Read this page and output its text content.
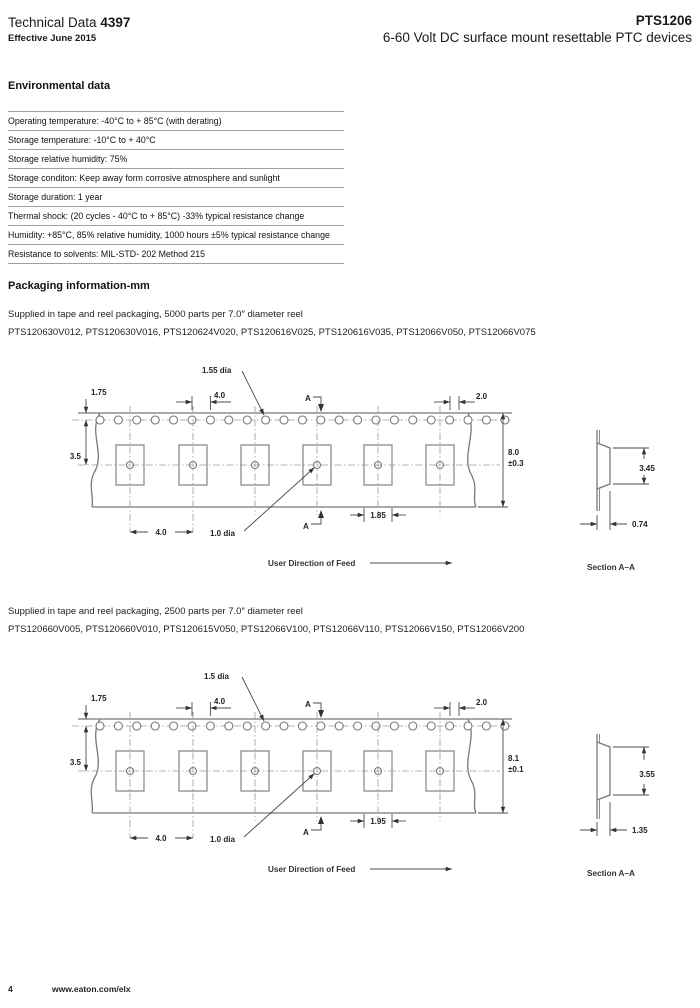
Technical Data 4397
Effective June 2015
PTS1206
6-60 Volt DC surface mount resettable PTC devices
Environmental data
Operating temperature: -40°C to + 85°C (with derating)
Storage temperature: -10°C to + 40°C
Storage relative humidity: 75%
Storage conditon: Keep away form corrosive atmosphere and sunlight
Storage duration: 1 year
Thermal shock: (20 cycles - 40°C to + 85°C) -33% typical resistance change
Humidity: +85°C, 85% relative humidity, 1000 hours ±5% typical resistance change
Resistance to solvents: MIL-STD- 202 Method 215
Packaging information-mm
Supplied in tape and reel packaging, 5000 parts per 7.0″ diameter reel
PTS120630V012, PTS120630V016, PTS120624V020, PTS120616V025, PTS120616V035, PTS12066V050, PTS12066V075
Supplied in tape and reel packaging, 2500 parts per 7.0″ diameter reel
PTS120660V005, PTS120660V010, PTS120615V050, PTS12066V100, PTS12066V110, PTS12066V150, PTS12066V200
1.75	4.0
1.55 dia
A	2.0
8.0
±0.3
3.5
4.0	1.0 dia
1.85
A
User Direction of Feed
3.45
0.74
Section A–A
1.75	4.0
1.5 dia
A	2.0
8.1
±0.1
3.5
4.0	1.0 dia
1.95
A
User Direction of Feed
3.55
1.35
Section A–A
4	www.eaton.com/elx
